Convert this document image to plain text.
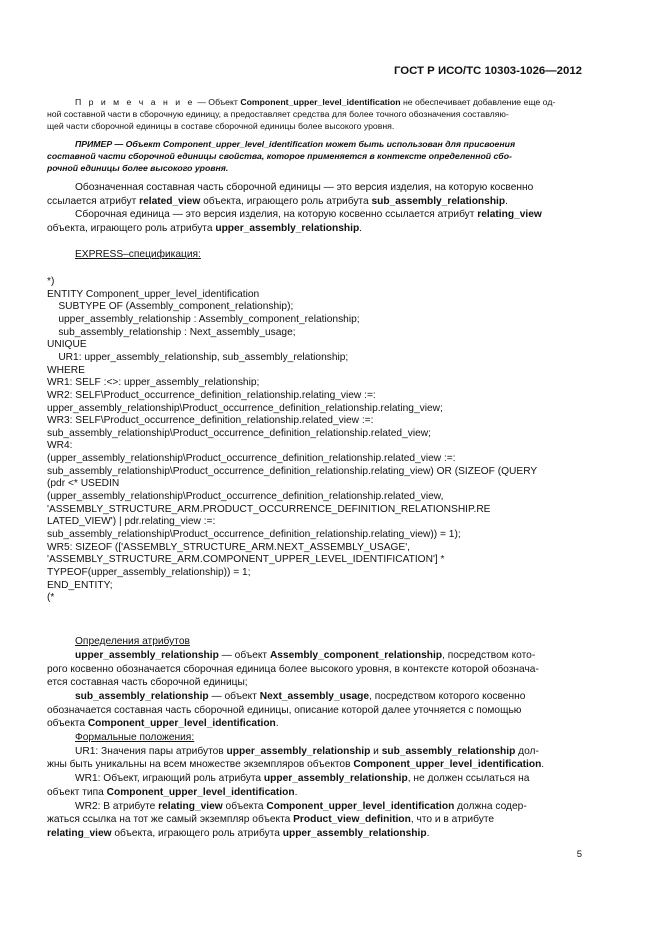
ГОСТ Р ИСО/ТС 10303-1026—2012
П р и м е ч а н и е — Объект Component_upper_level_identification не обеспечивает добавление еще од-
ной составной части в сборочную единицу, а предоставляет средства для более точного обозначения составляю-
щей части сборочной единицы в составе сборочной единицы более высокого уровня.
ПРИМЕР — Объект Component_upper_level_identification может быть использован для присвоения
составной части сборочной единицы свойства, которое применяется в контексте определенной сбо-
рочной единицы более высокого уровня.
Обозначенная составная часть сборочной единицы — это версия изделия, на которую косвенно
ссылается атрибут related_view объекта, играющего роль атрибута sub_assembly_relationship.
Сборочная единица — это версия изделия, на которую косвенно ссылается атрибут relating_view
объекта, играющего роль атрибута upper_assembly_relationship.
EXPRESS–спецификация:
*)
ENTITY Component_upper_level_identification
SUBTYPE OF (Assembly_component_relationship);
upper_assembly_relationship : Assembly_component_relationship;
sub_assembly_relationship : Next_assembly_usage;
UNIQUE
UR1: upper_assembly_relationship, sub_assembly_relationship;
WHERE
WR1: SELF :<>: upper_assembly_relationship;
WR2: SELF\Product_occurrence_definition_relationship.relating_view :=:
upper_assembly_relationship\Product_occurrence_definition_relationship.relating_view;
WR3: SELF\Product_occurrence_definition_relationship.related_view :=:
sub_assembly_relationship\Product_occurrence_definition_relationship.related_view;
WR4:
(upper_assembly_relationship\Product_occurrence_definition_relationship.related_view :=:
sub_assembly_relationship\Product_occurrence_definition_relationship.relating_view) OR (SIZEOF (QUERY
(pdr <* USEDIN
(upper_assembly_relationship\Product_occurrence_definition_relationship.related_view,
'ASSEMBLY_STRUCTURE_ARM.PRODUCT_OCCURRENCE_DEFINITION_RELATIONSHIP.RE
LATED_VIEW') | pdr.relating_view :=:
sub_assembly_relationship\Product_occurrence_definition_relationship.relating_view)) = 1);
WR5: SIZEOF (['ASSEMBLY_STRUCTURE_ARM.NEXT_ASSEMBLY_USAGE',
'ASSEMBLY_STRUCTURE_ARM.COMPONENT_UPPER_LEVEL_IDENTIFICATION'] *
TYPEOF(upper_assembly_relationship)) = 1;
END_ENTITY;
(*
Определения атрибутов
upper_assembly_relationship — объект Assembly_component_relationship, посредством кото-
рого косвенно обозначается сборочная единица более высокого уровня, в контексте которой обознача-
ется составная часть сборочной единицы;
sub_assembly_relationship — объект Next_assembly_usage, посредством которого косвенно
обозначается составная часть сборочной единицы, описание которой далее уточняется с помощью
объекта Component_upper_level_identification.
Формальные положения:
UR1: Значения пары атрибутов upper_assembly_relationship и sub_assembly_relationship дол-
жны быть уникальны на всем множестве экземпляров объектов Component_upper_level_identification.
WR1: Объект, играющий роль атрибута upper_assembly_relationship, не должен ссылаться на
объект типа Component_upper_level_identification.
WR2: В атрибуте relating_view объекта Component_upper_level_identification должна содер-
жаться ссылка на тот же самый экземпляр объекта Product_view_definition, что и в атрибуте
relating_view объекта, играющего роль атрибута upper_assembly_relationship.
5
